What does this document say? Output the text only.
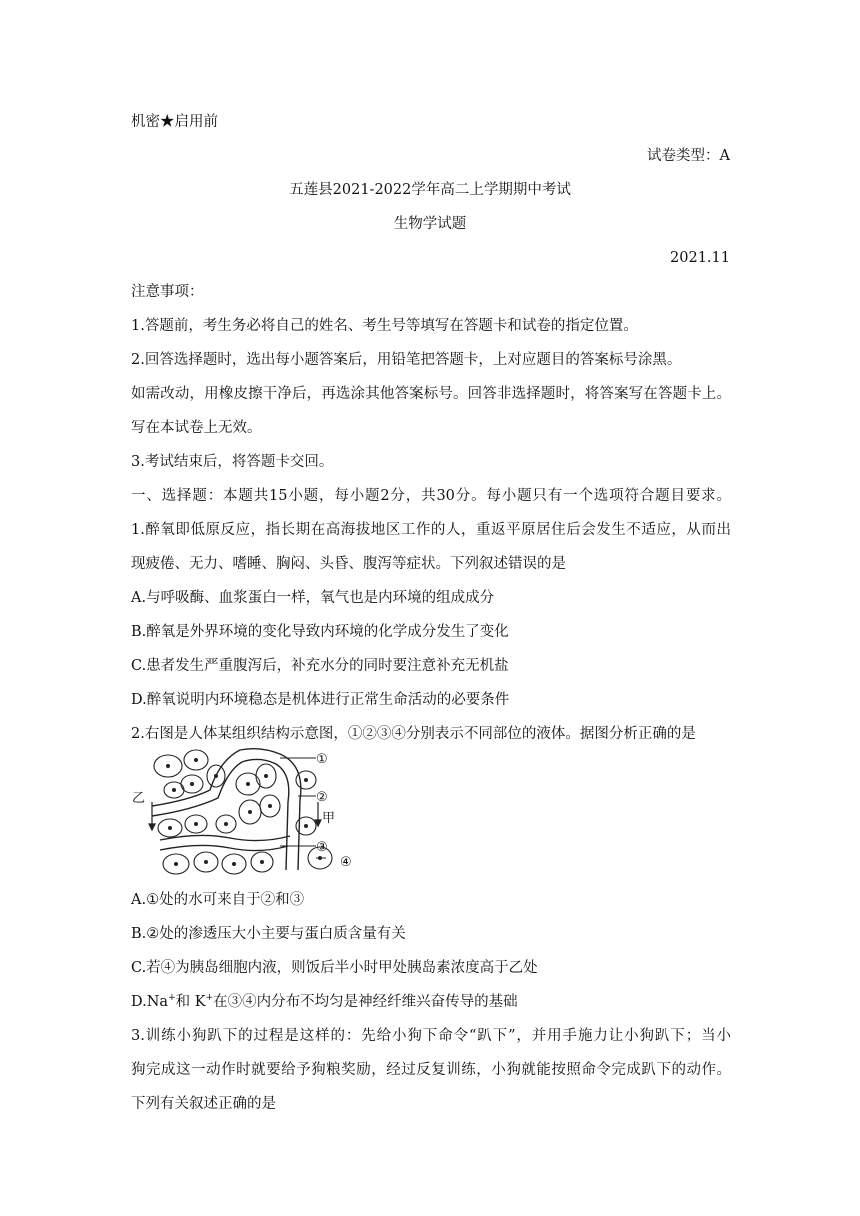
机密★启用前
试卷类型：A
五莲县2021-2022学年高二上学期期中考试
生物学试题
2021.11
注意事项：
1.答题前，考生务必将自己的姓名、考生号等填写在答题卡和试卷的指定位置。
2.回答选择题时，选出每小题答案后，用铅笔把答题卡，上对应题目的答案标号涂黑。
如需改动，用橡皮擦干净后，再选涂其他答案标号。回答非选择题时，将答案写在答题卡上。
写在本试卷上无效。
3.考试结束后，将答题卡交回。
一、选择题：本题共15小题，每小题2分，共30分。每小题只有一个选项符合题目要求。
1.醉氧即低原反应，指长期在高海拔地区工作的人，重返平原居住后会发生不适应，从而出
现疲倦、无力、嗜睡、胸闷、头昏、腹泻等症状。下列叙述错误的是
A.与呼吸酶、血浆蛋白一样，氧气也是内环境的组成成分
B.醉氧是外界环境的变化导致内环境的化学成分发生了变化
C.患者发生严重腹泻后，补充水分的同时要注意补充无机盐
D.醉氧说明内环境稳态是机体进行正常生命活动的必要条件
2.右图是人体某组织结构示意图，①②③④分别表示不同部位的液体。据图分析正确的是
①
②
甲
③
④
乙
A.①处的水可来自于②和③
B.②处的渗透压大小主要与蛋白质含量有关
C.若④为胰岛细胞内液，则饭后半小时甲处胰岛素浓度高于乙处
D.Na+和 K+在③④内分布不均匀是神经纤维兴奋传导的基础
3.训练小狗趴下的过程是这样的：先给小狗下命令“趴下”，并用手施力让小狗趴下；当小
狗完成这一动作时就要给予狗粮奖励，经过反复训练，小狗就能按照命令完成趴下的动作。
下列有关叙述正确的是
